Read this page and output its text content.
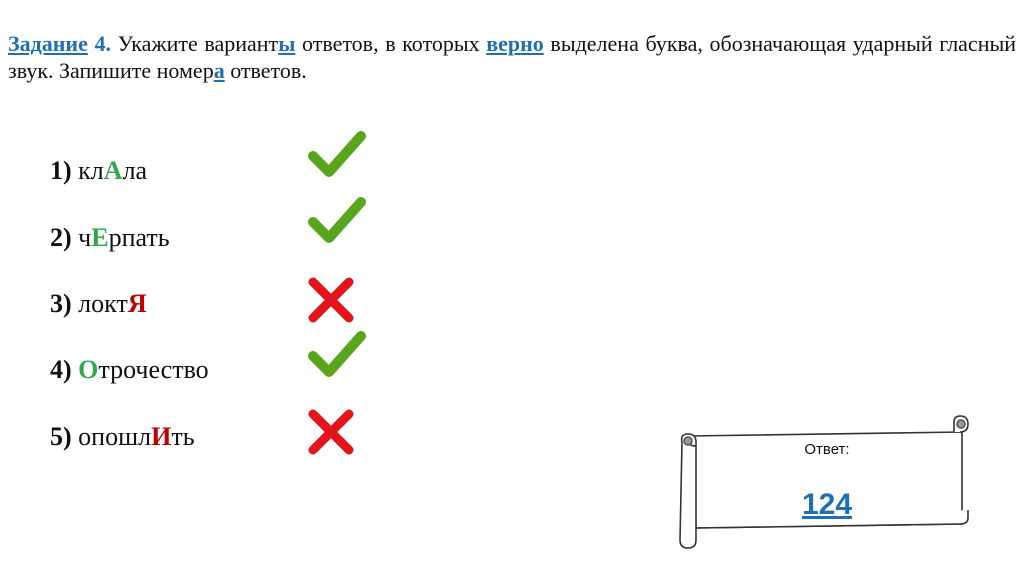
Задание 4. Укажите варианты ответов, в которых верно выделена буква, обозначающая ударный гласный звук. Запишите номера ответов.
1) клАла
2) чЕрпать
3) локтЯ
4) Отрочество
5) опошлИть	Ответ:
124
